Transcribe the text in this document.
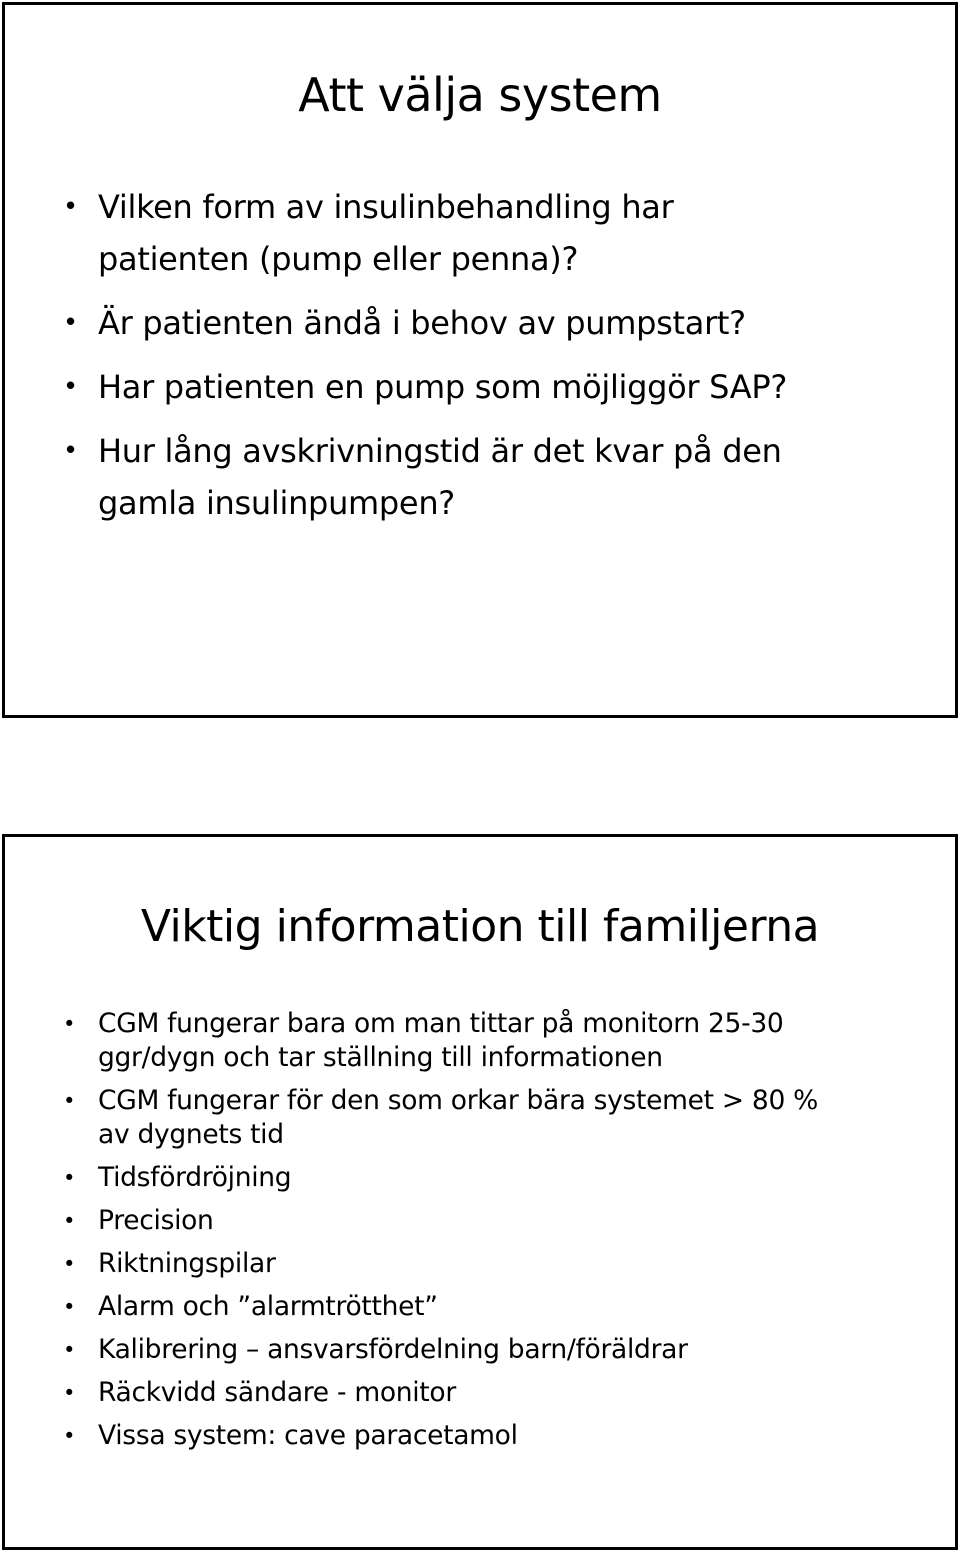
Att välja system
• Vilken form av insulinbehandling har
patienten (pump eller penna)?
• Är patienten ändå i behov av pumpstart?
• Har patienten en pump som möjliggör SAP?
• Hur lång avskrivningstid är det kvar på den
gamla insulinpumpen?
Viktig information till familjerna
• CGM fungerar bara om man tittar på monitorn 25-30
ggr/dygn och tar ställning till informationen
• CGM fungerar för den som orkar bära systemet > 80 %
av dygnets tid
• Tidsfördröjning
• Precision
• Riktningspilar
• Alarm och ”alarmtrötthet”
• Kalibrering – ansvarsfördelning barn/föräldrar
• Räckvidd sändare - monitor
• Vissa system: cave paracetamol
